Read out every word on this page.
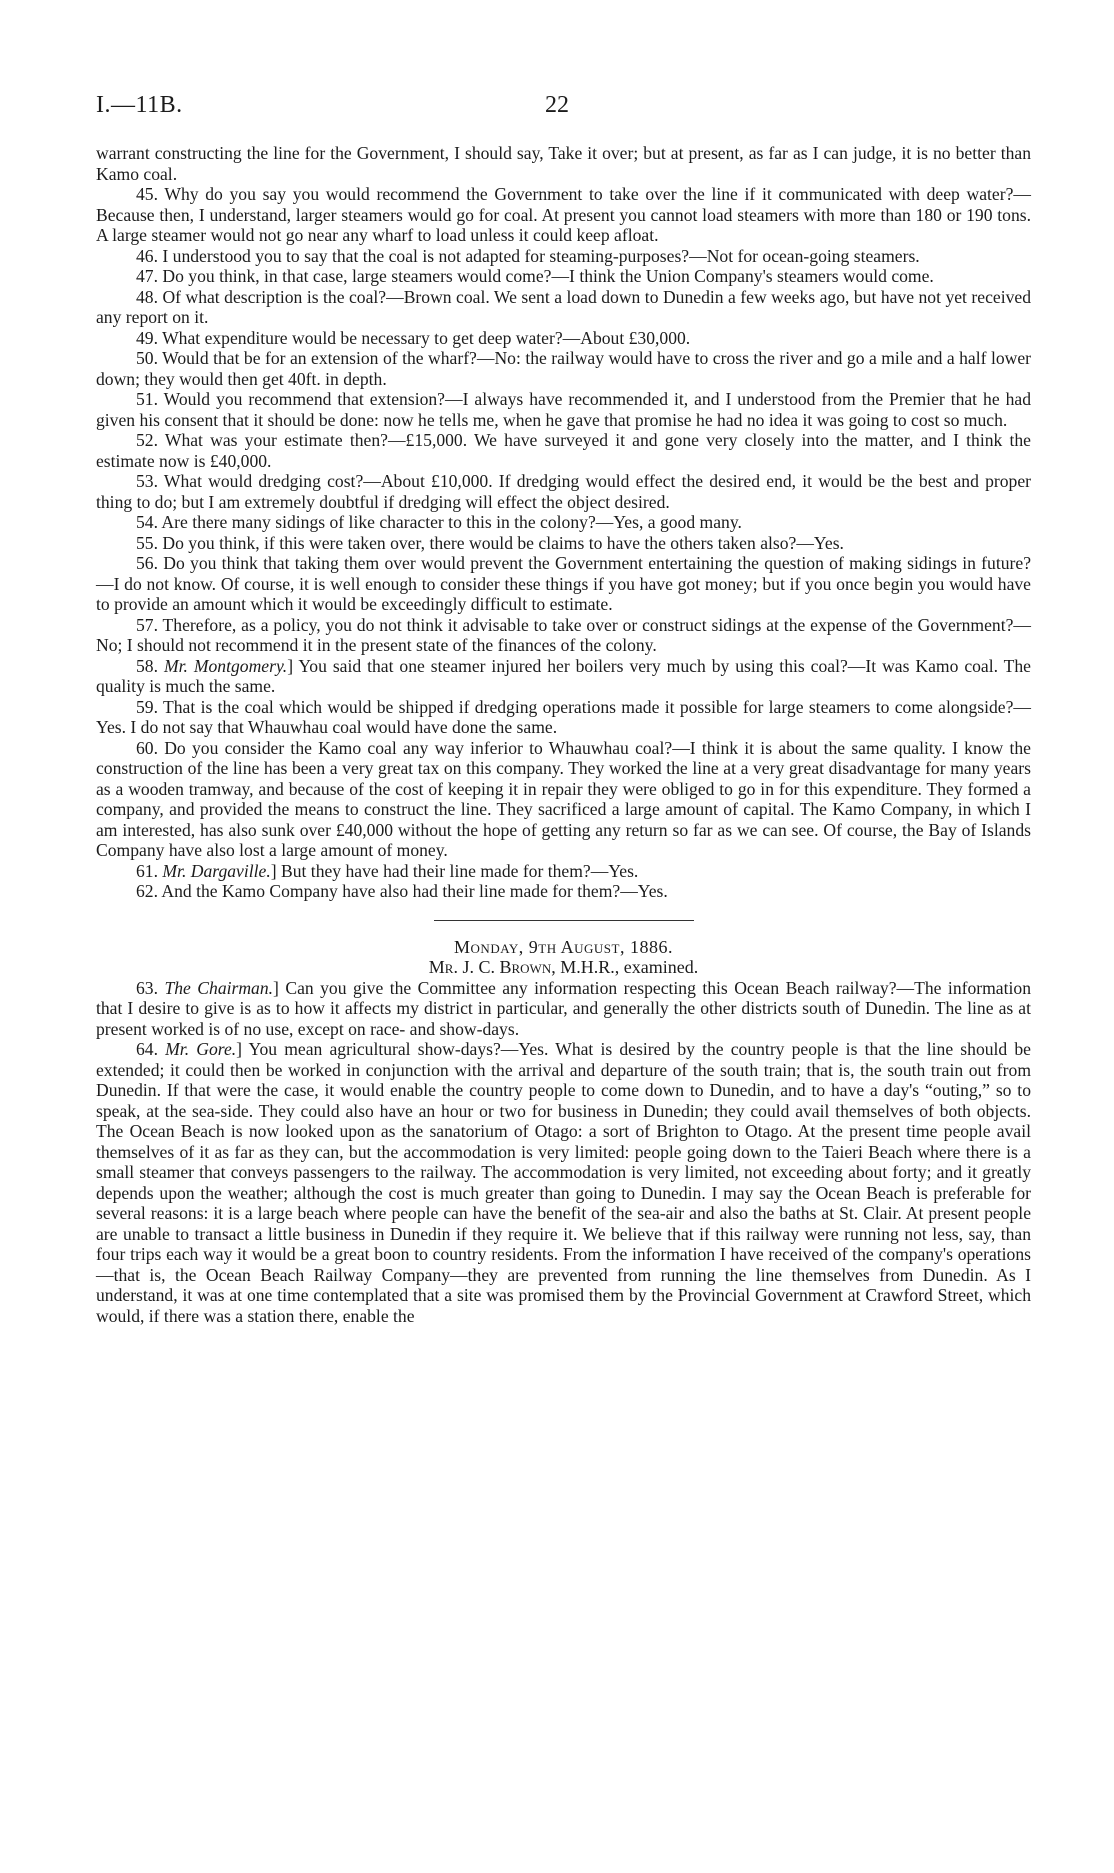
I.—11B.	22

warrant constructing the line for the Government, I should say, Take it over; but at present, as far as I can judge, it is no better than Kamo coal.

45. Why do you say you would recommend the Government to take over the line if it communicated with deep water?—Because then, I understand, larger steamers would go for coal. At present you cannot load steamers with more than 180 or 190 tons. A large steamer would not go near any wharf to load unless it could keep afloat.

46. I understood you to say that the coal is not adapted for steaming-purposes?—Not for ocean-going steamers.

47. Do you think, in that case, large steamers would come?—I think the Union Company's steamers would come.

48. Of what description is the coal?—Brown coal. We sent a load down to Dunedin a few weeks ago, but have not yet received any report on it.

49. What expenditure would be necessary to get deep water?—About £30,000.

50. Would that be for an extension of the wharf?—No: the railway would have to cross the river and go a mile and a half lower down; they would then get 40ft. in depth.

51. Would you recommend that extension?—I always have recommended it, and I understood from the Premier that he had given his consent that it should be done: now he tells me, when he gave that promise he had no idea it was going to cost so much.

52. What was your estimate then?—£15,000. We have surveyed it and gone very closely into the matter, and I think the estimate now is £40,000.

53. What would dredging cost?—About £10,000. If dredging would effect the desired end, it would be the best and proper thing to do; but I am extremely doubtful if dredging will effect the object desired.

54. Are there many sidings of like character to this in the colony?—Yes, a good many.

55. Do you think, if this were taken over, there would be claims to have the others taken also?—Yes.

56. Do you think that taking them over would prevent the Government entertaining the question of making sidings in future?—I do not know. Of course, it is well enough to consider these things if you have got money; but if you once begin you would have to provide an amount which it would be exceedingly difficult to estimate.

57. Therefore, as a policy, you do not think it advisable to take over or construct sidings at the expense of the Government?—No; I should not recommend it in the present state of the finances of the colony.

58. Mr. Montgomery.] You said that one steamer injured her boilers very much by using this coal?—It was Kamo coal. The quality is much the same.

59. That is the coal which would be shipped if dredging operations made it possible for large steamers to come alongside?—Yes. I do not say that Whauwhau coal would have done the same.

60. Do you consider the Kamo coal any way inferior to Whauwhau coal?—I think it is about the same quality. I know the construction of the line has been a very great tax on this company. They worked the line at a very great disadvantage for many years as a wooden tramway, and because of the cost of keeping it in repair they were obliged to go in for this expenditure. They formed a company, and provided the means to construct the line. They sacrificed a large amount of capital. The Kamo Company, in which I am interested, has also sunk over £40,000 without the hope of getting any return so far as we can see. Of course, the Bay of Islands Company have also lost a large amount of money.

61. Mr. Dargaville.] But they have had their line made for them?—Yes.

62. And the Kamo Company have also had their line made for them?—Yes.

Monday, 9th August, 1886.

Mr. J. C. Brown, M.H.R., examined.

63. The Chairman.] Can you give the Committee any information respecting this Ocean Beach railway?—The information that I desire to give is as to how it affects my district in particular, and generally the other districts south of Dunedin. The line as at present worked is of no use, except on race- and show-days.

64. Mr. Gore.] You mean agricultural show-days?—Yes. What is desired by the country people is that the line should be extended; it could then be worked in conjunction with the arrival and departure of the south train; that is, the south train out from Dunedin. If that were the case, it would enable the country people to come down to Dunedin, and to have a day's “outing,” so to speak, at the sea-side. They could also have an hour or two for business in Dunedin; they could avail themselves of both objects. The Ocean Beach is now looked upon as the sanatorium of Otago: a sort of Brighton to Otago. At the present time people avail themselves of it as far as they can, but the accommodation is very limited: people going down to the Taieri Beach where there is a small steamer that conveys passengers to the railway. The accommodation is very limited, not exceeding about forty; and it greatly depends upon the weather; although the cost is much greater than going to Dunedin. I may say the Ocean Beach is preferable for several reasons: it is a large beach where people can have the benefit of the sea-air and also the baths at St. Clair. At present people are unable to transact a little business in Dunedin if they require it. We believe that if this railway were running not less, say, than four trips each way it would be a great boon to country residents. From the information I have received of the company's operations—that is, the Ocean Beach Railway Company—they are prevented from running the line themselves from Dunedin. As I understand, it was at one time contemplated that a site was promised them by the Provincial Government at Crawford Street, which would, if there was a station there, enable the
